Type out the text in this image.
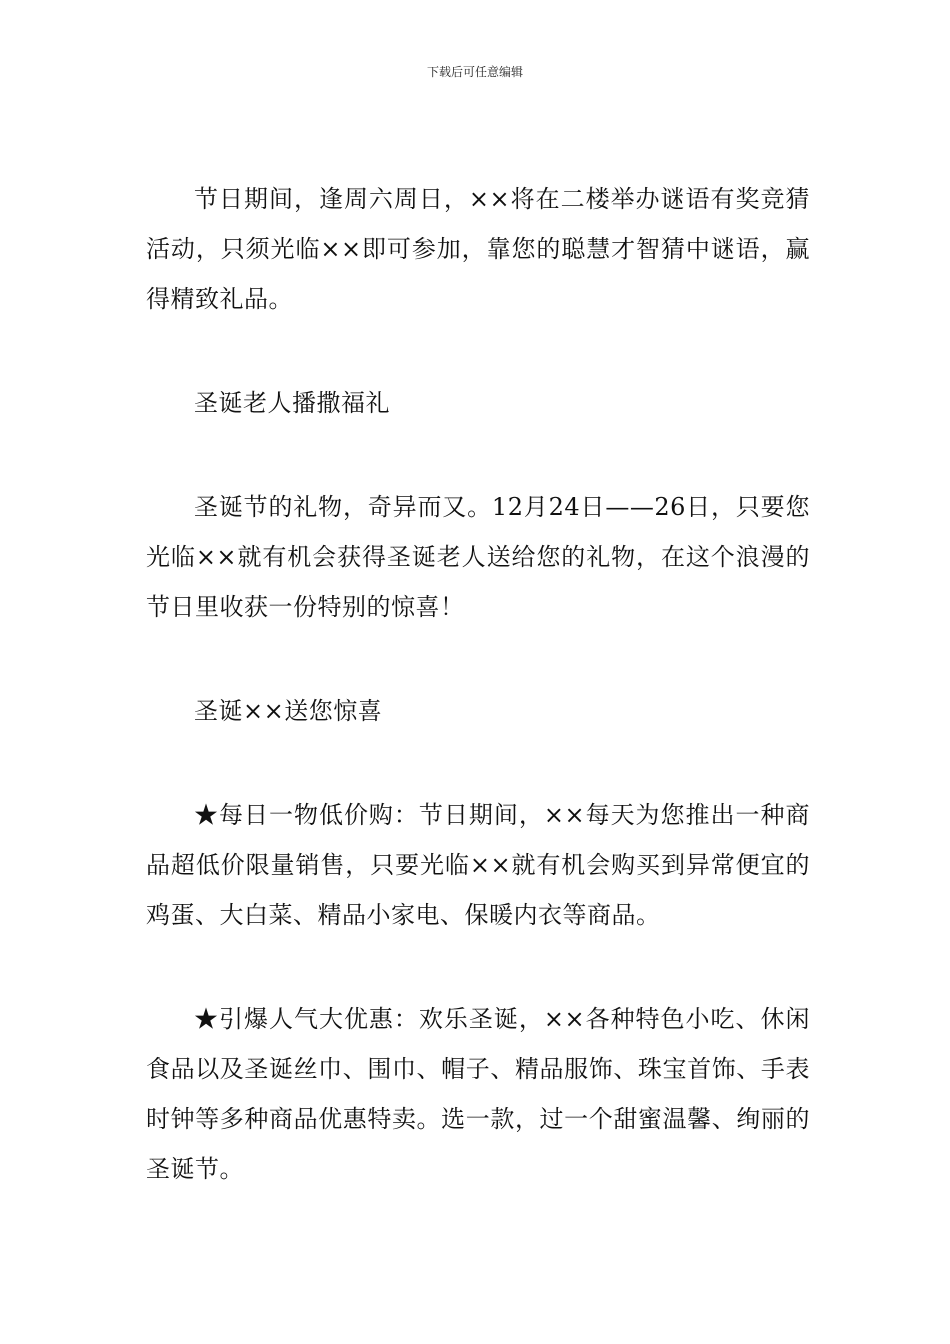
下载后可任意编辑

节日期间，逢周六周日，××将在二楼举办谜语有奖竞猜活动，只须光临××即可参加，靠您的聪慧才智猜中谜语，赢得精致礼品。

圣诞老人播撒福礼

圣诞节的礼物，奇异而又。12月24日——26日，只要您光临××就有机会获得圣诞老人送给您的礼物，在这个浪漫的节日里收获一份特别的惊喜！

圣诞××送您惊喜

★每日一物低价购：节日期间，××每天为您推出一种商品超低价限量销售，只要光临××就有机会购买到异常便宜的鸡蛋、大白菜、精品小家电、保暖内衣等商品。

★引爆人气大优惠：欢乐圣诞，××各种特色小吃、休闲食品以及圣诞丝巾、围巾、帽子、精品服饰、珠宝首饰、手表时钟等多种商品优惠特卖。选一款，过一个甜蜜温馨、绚丽的圣诞节。
